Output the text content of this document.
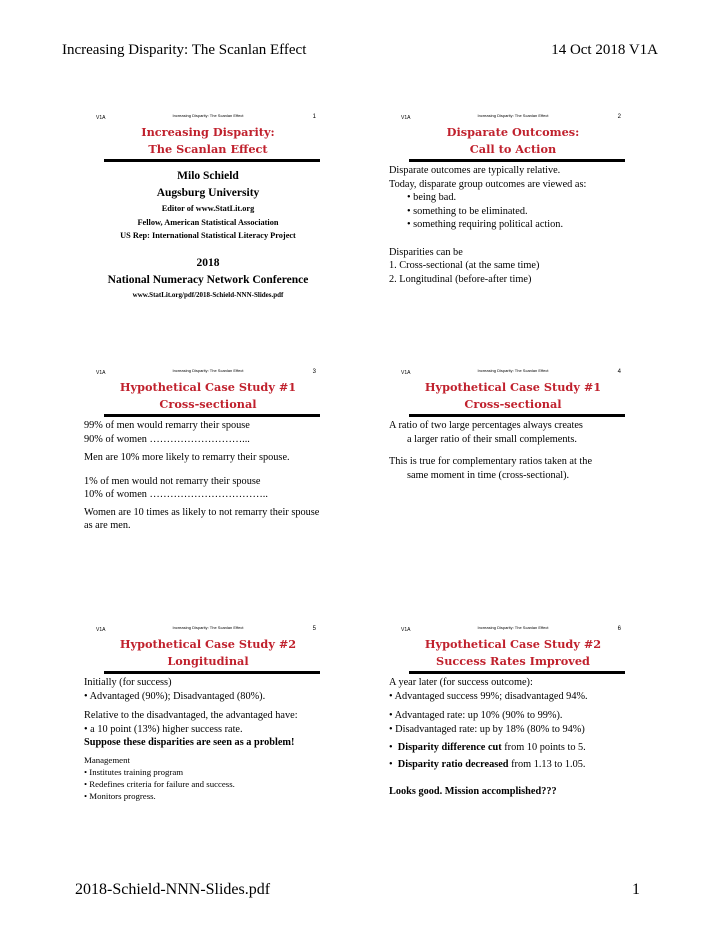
Increasing Disparity: The Scanlan Effect	14 Oct 2018 V1A
V1A	Increasing Disparity: The Scanlan Effect	1
Increasing Disparity:
The Scanlan Effect

Milo Schield

Augsburg University

Editor of www.StatLit.org

Fellow, American Statistical Association

US Rep: International Statistical Literacy Project

2018

National Numeracy Network Conference

www.StatLit.org/pdf/2018-Schield-NNN-Slides.pdf

V1A	Increasing Disparity: The Scanlan Effect	2
Disparate Outcomes:
Call to Action

Disparate outcomes are typically relative.

Today, disparate group outcomes are viewed as:

• being bad.

• something to be eliminated.

• something requiring political action.

Disparities can be

1. Cross-sectional (at the same time)

2. Longitudinal (before-after time)

V1A	Increasing Disparity: The Scanlan Effect	3
Hypothetical Case Study #1
Cross-sectional

99% of men would remarry their spouse

90% of women ………………………...

Men are 10% more likely to remarry their spouse.

1% of men would not remarry their spouse

10% of women ……………………………..

Women are 10 times as likely to not remarry their spouse as are men.

V1A	Increasing Disparity: The Scanlan Effect	4
Hypothetical Case Study #1
Cross-sectional

A ratio of two large percentages always creates

a larger ratio of their small complements.

This is true for complementary ratios taken at the

same moment in time (cross-sectional).

V1A	Increasing Disparity: The Scanlan Effect	5
Hypothetical Case Study #2
Longitudinal

Initially (for success)

• Advantaged (90%); Disadvantaged (80%).

Relative to the disadvantaged, the advantaged have:

• a 10 point (13%) higher success rate.

Suppose these disparities are seen as a problem!

Management

• Institutes training program

• Redefines criteria for failure and success.

• Monitors progress.

V1A	Increasing Disparity: The Scanlan Effect	6
Hypothetical Case Study #2
Success Rates Improved

A year later (for success outcome):

• Advantaged success 99%; disadvantaged 94%.

• Advantaged rate: up 10% (90% to 99%).

• Disadvantaged rate: up by 18% (80% to 94%)

•  Disparity difference cut from 10 points to 5.

•  Disparity ratio decreased from 1.13 to 1.05.

Looks good. Mission accomplished???

2018-Schield-NNN-Slides.pdf	1
